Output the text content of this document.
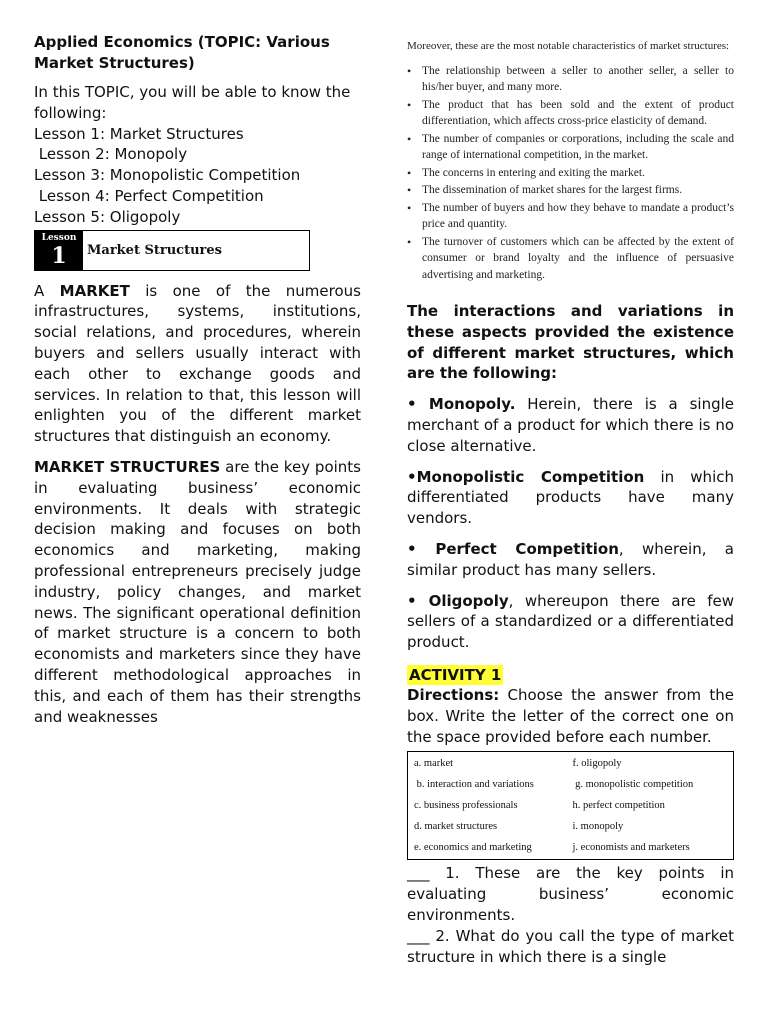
Applied Economics (TOPIC: Various Market Structures)
In this TOPIC, you will be able to know the following:
Lesson 1: Market Structures
Lesson 2: Monopoly
Lesson 3: Monopolistic Competition
Lesson 4: Perfect Competition
Lesson 5: Oligopoly
Lesson
1 Market Structures

A MARKET is one of the numerous infrastructures, systems, institutions, social relations, and procedures, wherein buyers and sellers usually interact with each other to exchange goods and services. In relation to that, this lesson will enlighten you of the different market structures that distinguish an economy.

MARKET STRUCTURES are the key points in evaluating business’ economic environments. It deals with strategic decision making and focuses on both economics and marketing, making professional entrepreneurs precisely judge industry, policy changes, and market news. The significant operational definition of market structure is a concern to both economists and marketers since they have different methodological approaches in this, and each of them has their strengths and weaknesses

Moreover, these are the most notable characteristics of market structures:

• The relationship between a seller to another seller, a seller to his/her buyer, and many more.
• The product that has been sold and the extent of product differentiation, which affects cross-price elasticity of demand.
• The number of companies or corporations, including the scale and range of international competition, in the market.
• The concerns in entering and exiting the market.
• The dissemination of market shares for the largest firms.
• The number of buyers and how they behave to mandate a product’s price and quantity.
• The turnover of customers which can be affected by the extent of consumer or brand loyalty and the influence of persuasive advertising and marketing.

The interactions and variations in these aspects provided the existence of different market structures, which are the following:

• Monopoly. Herein, there is a single merchant of a product for which there is no close alternative.

•Monopolistic Competition in which differentiated products have many vendors.

• Perfect Competition, wherein, a similar product has many sellers.

• Oligopoly, whereupon there are few sellers of a standardized or a differentiated product.

ACTIVITY 1

Directions: Choose the answer from the box. Write the letter of the correct one on the space provided before each number.

a. market
b. interaction and variations
c. business professionals
d. market structures
e. economics and marketing
f. oligopoly
g. monopolistic competition
h. perfect competition
i. monopoly
j. economists and marketers

___ 1. These are the key points in evaluating business’ economic environments.

___ 2. What do you call the type of market structure in which there is a single
